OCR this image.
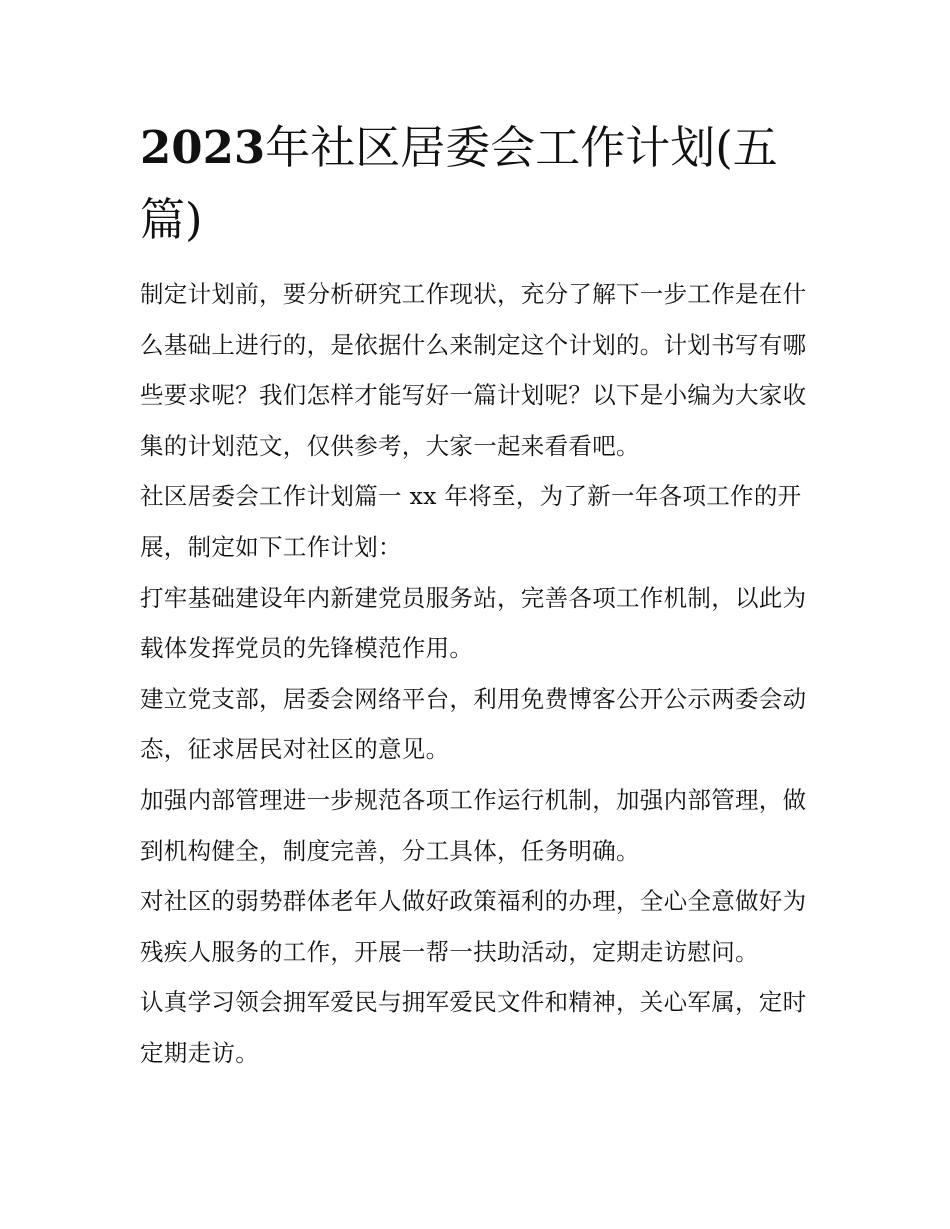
2023年社区居委会工作计划(五篇)

制定计划前，要分析研究工作现状，充分了解下一步工作是在什么基础上进行的，是依据什么来制定这个计划的。计划书写有哪些要求呢？我们怎样才能写好一篇计划呢？以下是小编为大家收集的计划范文，仅供参考，大家一起来看看吧。

社区居委会工作计划篇一 xx 年将至，为了新一年各项工作的开展，制定如下工作计划：

打牢基础建设年内新建党员服务站，完善各项工作机制，以此为载体发挥党员的先锋模范作用。

建立党支部，居委会网络平台，利用免费博客公开公示两委会动态，征求居民对社区的意见。

加强内部管理进一步规范各项工作运行机制，加强内部管理，做到机构健全，制度完善，分工具体，任务明确。

对社区的弱势群体老年人做好政策福利的办理，全心全意做好为残疾人服务的工作，开展一帮一扶助活动，定期走访慰问。

认真学习领会拥军爱民与拥军爱民文件和精神，关心军属，定时定期走访。
